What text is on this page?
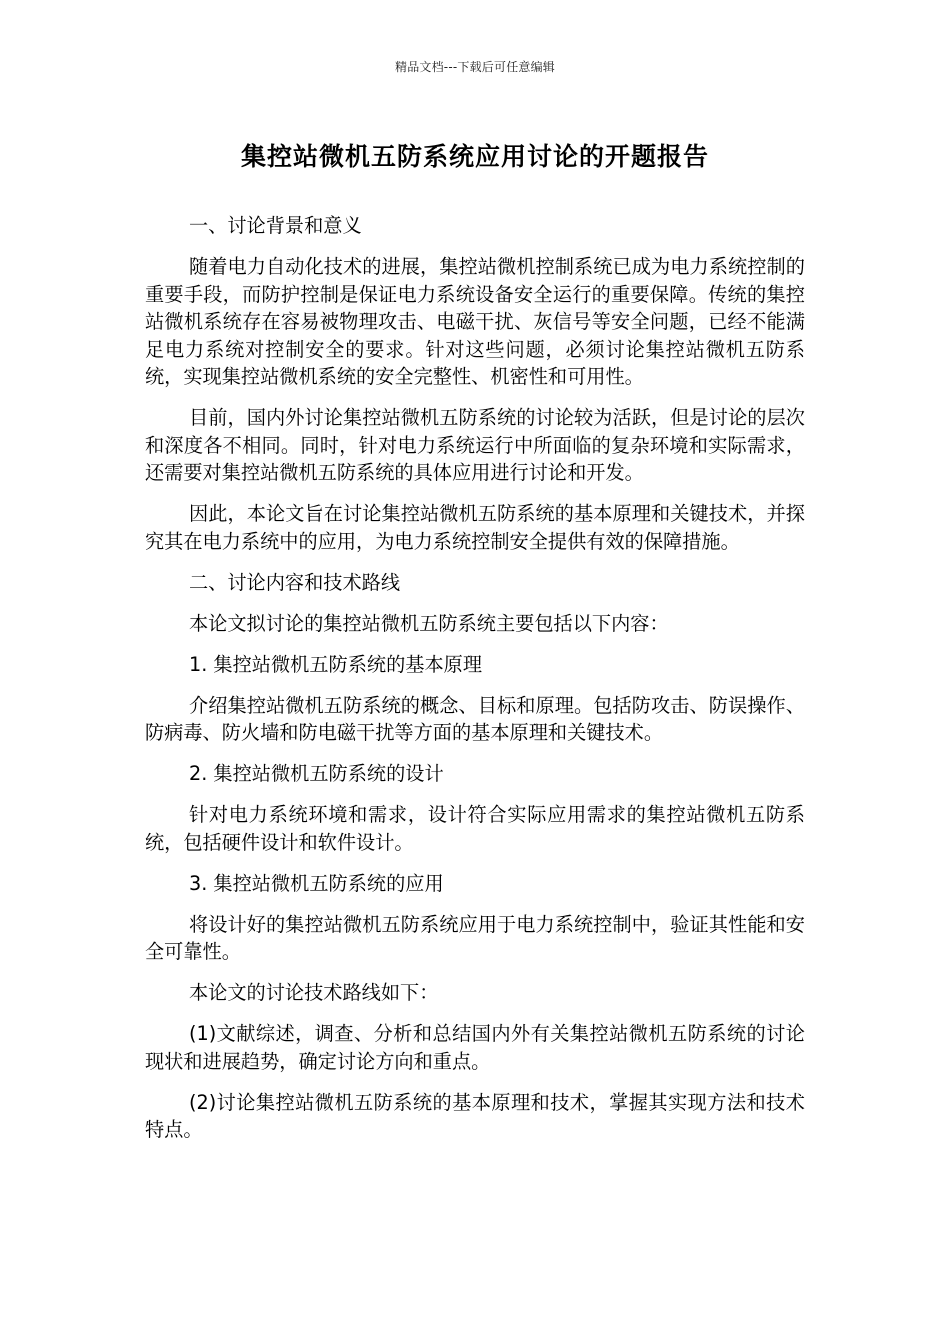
精品文档---下载后可任意编辑
集控站微机五防系统应用讨论的开题报告

一、讨论背景和意义

随着电力自动化技术的进展，集控站微机控制系统已成为电力系统控制的重要手段，而防护控制是保证电力系统设备安全运行的重要保障。传统的集控站微机系统存在容易被物理攻击、电磁干扰、灰信号等安全问题，已经不能满足电力系统对控制安全的要求。针对这些问题，必须讨论集控站微机五防系统，实现集控站微机系统的安全完整性、机密性和可用性。

目前，国内外讨论集控站微机五防系统的讨论较为活跃，但是讨论的层次和深度各不相同。同时，针对电力系统运行中所面临的复杂环境和实际需求，还需要对集控站微机五防系统的具体应用进行讨论和开发。

因此，本论文旨在讨论集控站微机五防系统的基本原理和关键技术，并探究其在电力系统中的应用，为电力系统控制安全提供有效的保障措施。

二、讨论内容和技术路线

本论文拟讨论的集控站微机五防系统主要包括以下内容：

1. 集控站微机五防系统的基本原理

介绍集控站微机五防系统的概念、目标和原理。包括防攻击、防误操作、防病毒、防火墙和防电磁干扰等方面的基本原理和关键技术。

2. 集控站微机五防系统的设计

针对电力系统环境和需求，设计符合实际应用需求的集控站微机五防系统，包括硬件设计和软件设计。

3. 集控站微机五防系统的应用

将设计好的集控站微机五防系统应用于电力系统控制中，验证其性能和安全可靠性。

本论文的讨论技术路线如下：

(1)文献综述，调查、分析和总结国内外有关集控站微机五防系统的讨论现状和进展趋势，确定讨论方向和重点。

(2)讨论集控站微机五防系统的基本原理和技术，掌握其实现方法和技术特点。
